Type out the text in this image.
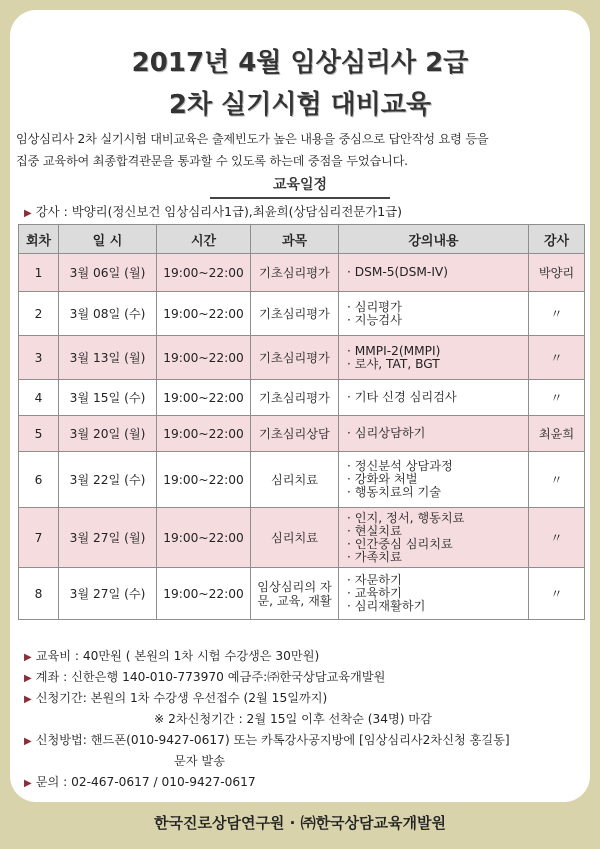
2017년 4월 임상심리사 2급
2차 실기시험 대비교육
임상심리사 2차 실기시험 대비교육은 출제빈도가 높은 내용을 중심으로 답안작성 요령 등을
집중 교육하여 최종합격관문을 통과할 수 있도록 하는데 중점을 두었습니다.
교육일정
▶ 강사 : 박양리(정신보건 임상심리사1급),최윤희(상담심리전문가1급)
회차	일 시	시간	과목	강의내용	강사
1	3월 06일 (월)	19:00~22:00	기초심리평가	· DSM-5(DSM-IV)	박양리
2	3월 08일 (수)	19:00~22:00	기초심리평가	· 심리평가
· 지능검사	〃
3	3월 13일 (월)	19:00~22:00	기초심리평가	· MMPI-2(MMPI)
· 로샤, TAT, BGT	〃
4	3월 15일 (수)	19:00~22:00	기초심리평가	· 기타 신경 심리검사	〃
5	3월 20일 (월)	19:00~22:00	기초심리상담	· 심리상담하기	최윤희
6	3월 22일 (수)	19:00~22:00	심리치료	· 정신분석 상담과정
· 강화와 처벌
· 행동치료의 기술	〃
7	3월 27일 (월)	19:00~22:00	심리치료	· 인지, 정서, 행동치료
· 현실치료
· 인간중심 심리치료
· 가족치료	〃
8	3월 27일 (수)	19:00~22:00	임상심리의 자문, 교육, 재활	· 자문하기
· 교육하기
· 심리재활하기	〃
▶ 교육비 : 40만원 ( 본원의 1차 시험 수강생은 30만원)
▶ 계좌 : 신한은행 140-010-773970 예금주:㈜한국상담교육개발원
▶ 신청기간: 본원의 1차 수강생 우선접수 (2월 15일까지)
※ 2차신청기간 : 2월 15일 이후 선착순 (34명) 마감
▶ 신청방법: 핸드폰(010-9427-0617) 또는 카톡강사공지방에 [임상심리사2차신청 홍길동]
문자 발송
▶ 문의 : 02-467-0617 / 010-9427-0617
한국진로상담연구원 · ㈜한국상담교육개발원
